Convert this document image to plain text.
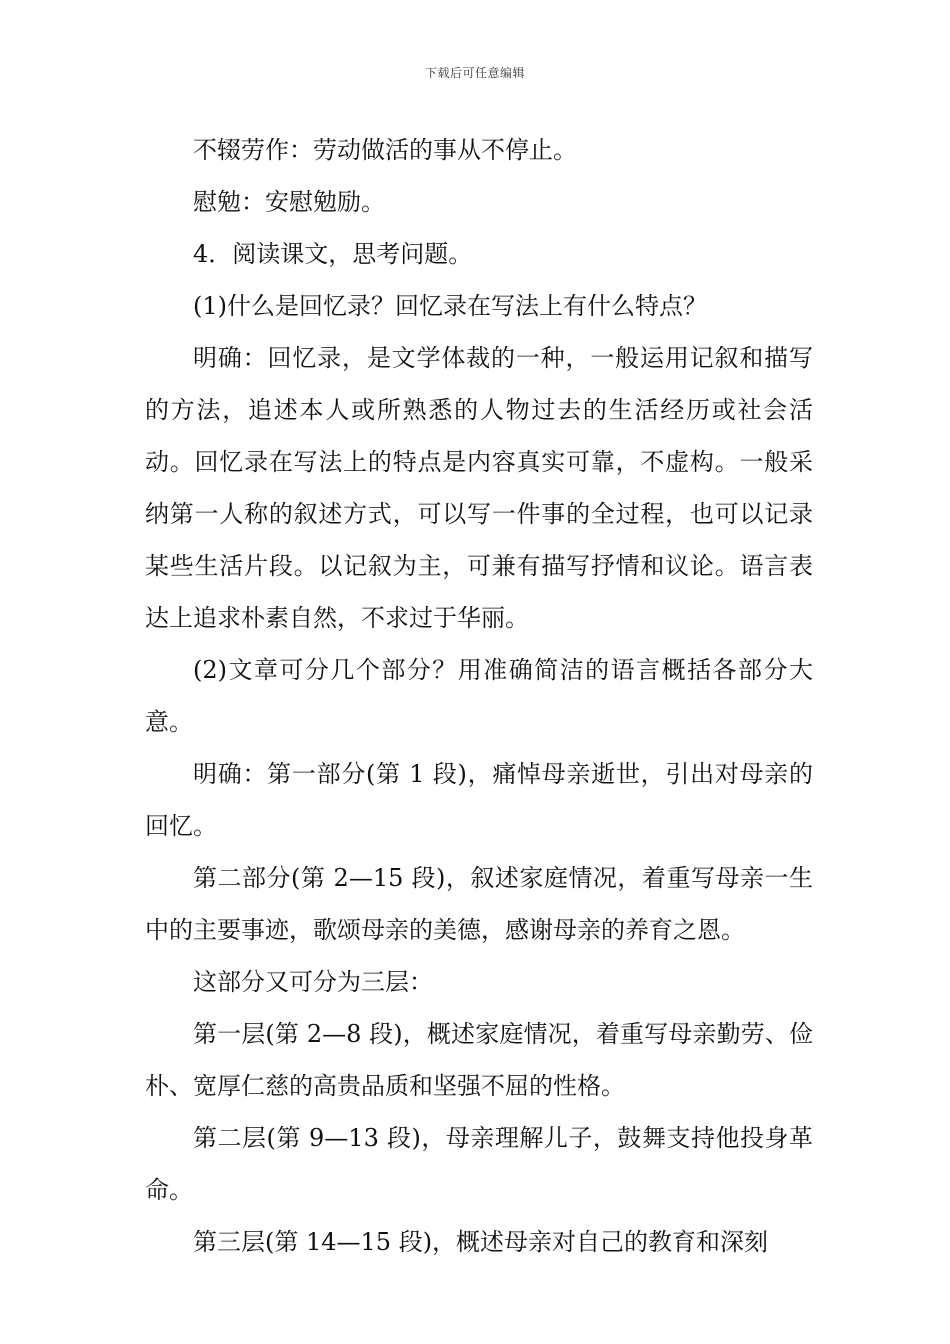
下载后可任意编辑

不辍劳作：劳动做活的事从不停止。

慰勉：安慰勉励。

4．阅读课文，思考问题。

(1)什么是回忆录？回忆录在写法上有什么特点？

明确：回忆录，是文学体裁的一种，一般运用记叙和描写的方法，追述本人或所熟悉的人物过去的生活经历或社会活动。回忆录在写法上的特点是内容真实可靠，不虚构。一般采纳第一人称的叙述方式，可以写一件事的全过程，也可以记录某些生活片段。以记叙为主，可兼有描写抒情和议论。语言表达上追求朴素自然，不求过于华丽。

(2)文章可分几个部分？用准确简洁的语言概括各部分大意。

明确：第一部分(第 1 段)，痛悼母亲逝世，引出对母亲的回忆。

第二部分(第 2—15 段)，叙述家庭情况，着重写母亲一生中的主要事迹，歌颂母亲的美德，感谢母亲的养育之恩。

这部分又可分为三层：

第一层(第 2—8 段)，概述家庭情况，着重写母亲勤劳、俭朴、宽厚仁慈的高贵品质和坚强不屈的性格。

第二层(第 9—13 段)，母亲理解儿子，鼓舞支持他投身革命。

第三层(第 14—15 段)，概述母亲对自己的教育和深刻
